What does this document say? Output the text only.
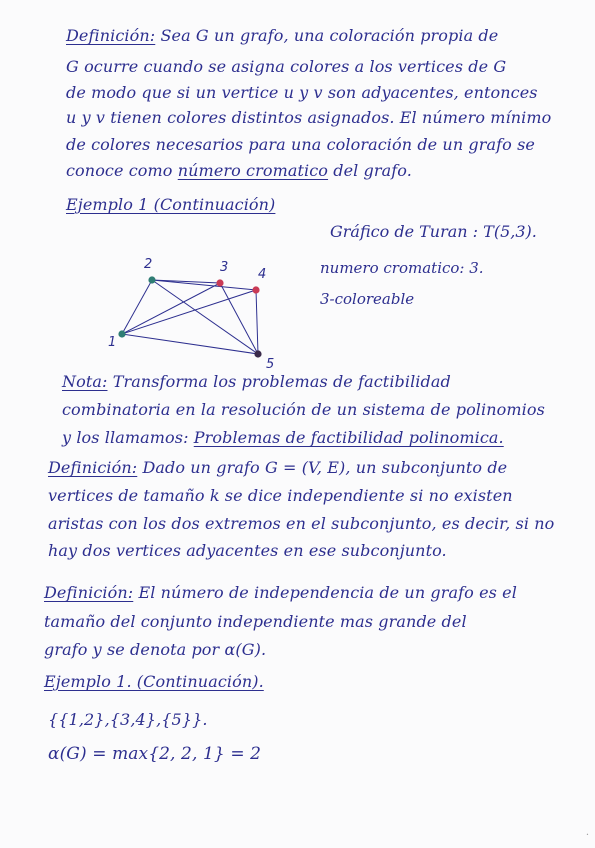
Definición: Sea G un grafo, una coloración propia de
G ocurre cuando se asigna colores a los vertices de G
de modo que si un vertice u y v son adyacentes, entonces
u y v tienen colores distintos asignados. El número mínimo
de colores necesarios para una coloración de un grafo se
conoce como número cromatico del grafo.
Ejemplo 1 (Continuación)
Gráfico de Turan : T(5,3).
numero cromatico: 3.
3-coloreable
1
2	3 4
5
Nota: Transforma los problemas de factibilidad
combinatoria en la resolución de un sistema de polinomios
y los llamamos: Problemas de factibilidad polinomica.
Definición: Dado un grafo G = (V, E), un subconjunto de
vertices de tamaño k se dice independiente si no existen
aristas con los dos extremos en el subconjunto, es decir, si no
hay dos vertices adyacentes en ese subconjunto.
Definición: El número de independencia de un grafo es el
tamaño del conjunto independiente mas grande del
grafo y se denota por α(G).
Ejemplo 1. (Continuación).
{{1,2},{3,4},{5}}.
α(G) = max{2, 2, 1} = 2
.
